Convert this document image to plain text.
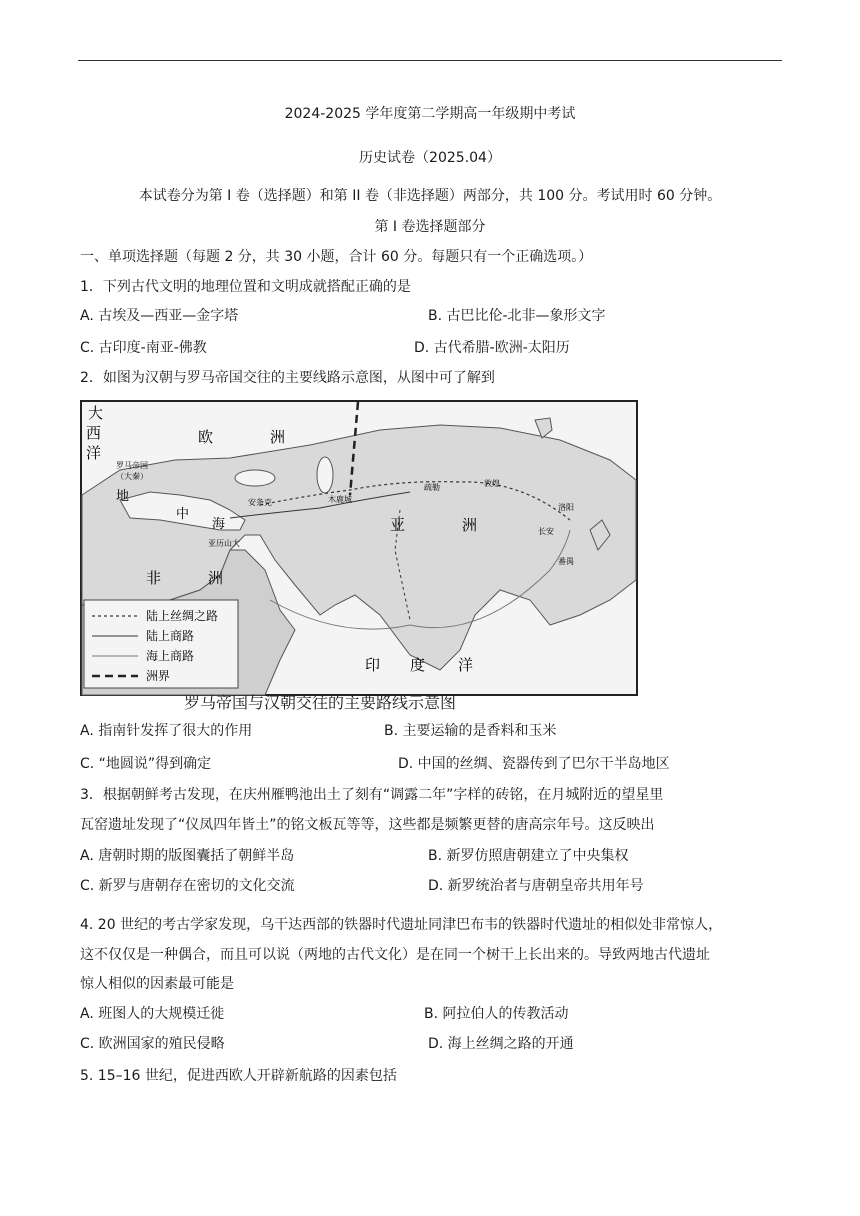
2024-2025 学年度第二学期高一年级期中考试
历史试卷（2025.04）
本试卷分为第 I 卷（选择题）和第 II 卷（非选择题）两部分，共 100 分。考试用时 60 分钟。
第 I 卷选择题部分
一、单项选择题（每题 2 分，共 30 小题，合计 60 分。每题只有一个正确选项。）
1．下列古代文明的地理位置和文明成就搭配正确的是
A. 古埃及—西亚—金字塔	B. 古巴比伦-北非—象形文字
C. 古印度-南亚-佛教	D. 古代希腊-欧洲-太阳历
2．如图为汉朝与罗马帝国交往的主要线路示意图，从图中可了解到
大
西
洋
欧	洲
亚	洲
非	洲
印 度 洋
罗马帝国
（大秦）
地
中
海
安条克
亚历山大
木鹿城
疏勒	敦煌
洛阳
长安
番禺
陆上丝绸之路
陆上商路
海上商路
洲界
罗马帝国与汉朝交往的主要路线示意图
A. 指南针发挥了很大的作用	B. 主要运输的是香料和玉米
C. “地圆说”得到确定	D. 中国的丝绸、瓷器传到了巴尔干半岛地区
3．根据朝鲜考古发现，在庆州雁鸭池出土了刻有“调露二年”字样的砖铭，在月城附近的望星里
瓦窑遗址发现了“仪凤四年皆土”的铭文板瓦等等，这些都是频繁更替的唐高宗年号。这反映出
A. 唐朝时期的版图囊括了朝鲜半岛	B. 新罗仿照唐朝建立了中央集权
C. 新罗与唐朝存在密切的文化交流	D. 新罗统治者与唐朝皇帝共用年号
4. 20 世纪的考古学家发现，乌干达西部的铁器时代遗址同津巴布韦的铁器时代遗址的相似处非常惊人，
这不仅仅是一种偶合，而且可以说（两地的古代文化）是在同一个树干上长出来的。导致两地古代遗址
惊人相似的因素最可能是
A. 班图人的大规模迁徙	B. 阿拉伯人的传教活动
C. 欧洲国家的殖民侵略	D. 海上丝绸之路的开通
5. 15–16 世纪，促进西欧人开辟新航路的因素包括
